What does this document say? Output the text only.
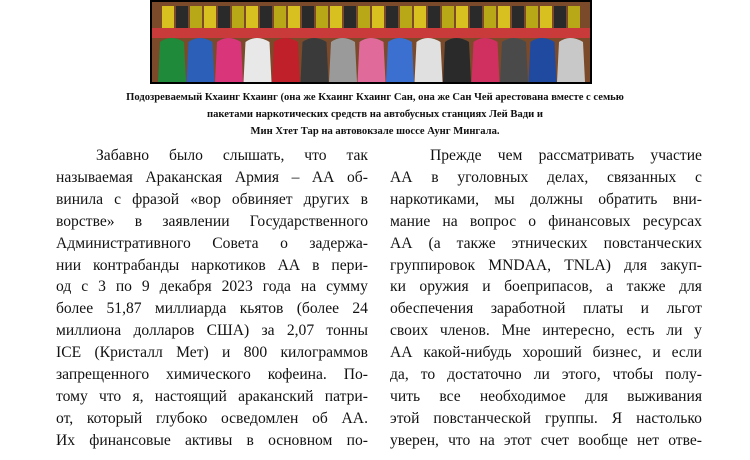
Подозреваемый Кхаинг Кхаинг (она же Кхаинг Кхаинг Сан, она же Сан Чей арестована вместе с семью
пакетами наркотических средств на автобусных станциях Лей Вади и
Мин Хтет Тар на автовокзале шоссе Аунг Мингала.
Забавно было слышать, что так
называемая Араканская Армия – АА об-
винила с фразой «вор обвиняет других в
ворстве» в заявлении Государственного
Административного Совета о задержа-
нии контрабанды наркотиков АА в пери-
од с 3 по 9 декабря 2023 года на сумму
более 51,87 миллиарда кьятов (более 24
миллиона долларов США) за 2,07 тонны
ICE (Кристалл Мет) и 800 килограммов
запрещенного химического кофеина. По-
тому что я, настоящий араканский патри-
от, который глубоко осведомлен об АА.
Их финансовые активы в основном по-
Прежде чем рассматривать участие
АА в уголовных делах, связанных с
наркотиками, мы должны обратить вни-
мание на вопрос о финансовых ресурсах
АА (а также этнических повстанческих
группировок MNDAA, TNLA) для закуп-
ки оружия и боеприпасов, а также для
обеспечения заработной платы и льгот
своих членов. Мне интересно, есть ли у
АА какой-нибудь хороший бизнес, и если
да, то достаточно ли этого, чтобы полу-
чить все необходимое для выживания
этой повстанческой группы. Я настолько
уверен, что на этот счет вообще нет отве-
